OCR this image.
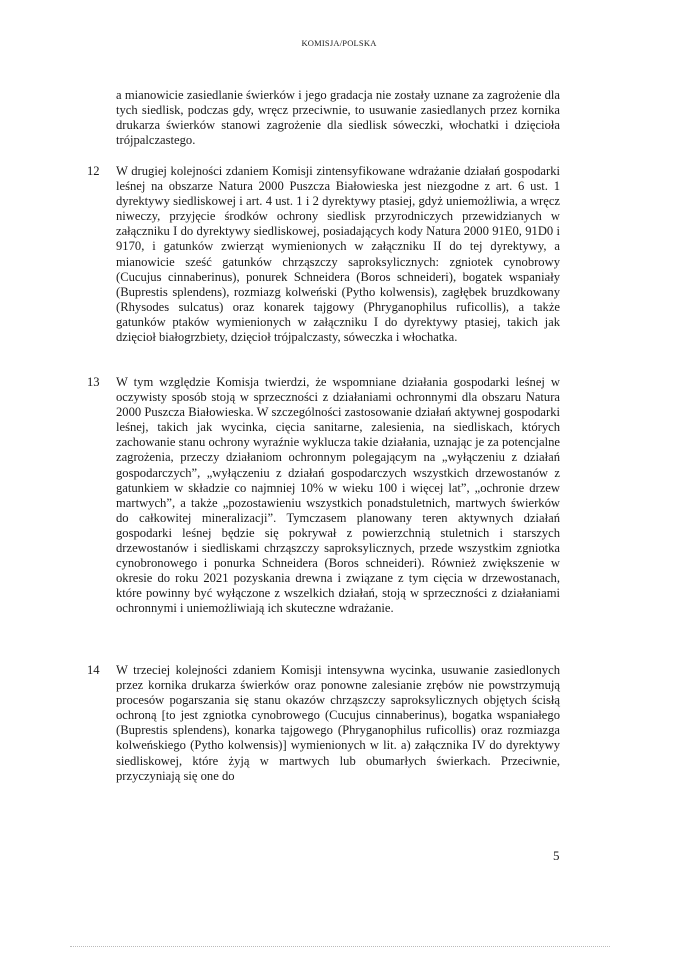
KOMISJA/POLSKA

a mianowicie zasiedlanie świerków i jego gradacja nie zostały uznane za zagrożenie dla tych siedlisk, podczas gdy, wręcz przeciwnie, to usuwanie zasiedlanych przez kornika drukarza świerków stanowi zagrożenie dla siedlisk sóweczki, włochatki i dzięcioła trójpalczastego.

12 W drugiej kolejności zdaniem Komisji zintensyfikowane wdrażanie działań gospodarki leśnej na obszarze Natura 2000 Puszcza Białowieska jest niezgodne z art. 6 ust. 1 dyrektywy siedliskowej i art. 4 ust. 1 i 2 dyrektywy ptasiej, gdyż uniemożliwia, a wręcz niweczy, przyjęcie środków ochrony siedlisk przyrodniczych przewidzianych w załączniku I do dyrektywy siedliskowej, posiadających kody Natura 2000 91E0, 91D0 i 9170, i gatunków zwierząt wymienionych w załączniku II do tej dyrektywy, a mianowicie sześć gatunków chrząszczy saproksylicznych: zgniotek cynobrowy (Cucujus cinnaberinus), ponurek Schneidera (Boros schneideri), bogatek wspaniały (Buprestis splendens), rozmiazg kolweński (Pytho kolwensis), zagłębek bruzdkowany (Rhysodes sulcatus) oraz konarek tajgowy (Phryganophilus ruficollis), a także gatunków ptaków wymienionych w załączniku I do dyrektywy ptasiej, takich jak dzięcioł białogrzbiety, dzięcioł trójpalczasty, sóweczka i włochatka.

13 W tym względzie Komisja twierdzi, że wspomniane działania gospodarki leśnej w oczywisty sposób stoją w sprzeczności z działaniami ochronnymi dla obszaru Natura 2000 Puszcza Białowieska. W szczególności zastosowanie działań aktywnej gospodarki leśnej, takich jak wycinka, cięcia sanitarne, zalesienia, na siedliskach, których zachowanie stanu ochrony wyraźnie wyklucza takie działania, uznając je za potencjalne zagrożenia, przeczy działaniom ochronnym polegającym na „wyłączeniu z działań gospodarczych”, „wyłączeniu z działań gospodarczych wszystkich drzewostanów z gatunkiem w składzie co najmniej 10% w wieku 100 i więcej lat”, „ochronie drzew martwych”, a także „pozostawieniu wszystkich ponadstuletnich, martwych świerków do całkowitej mineralizacji”. Tymczasem planowany teren aktywnych działań gospodarki leśnej będzie się pokrywał z powierzchnią stuletnich i starszych drzewostanów i siedliskami chrząszczy saproksylicznych, przede wszystkim zgniotka cynobronowego i ponurka Schneidera (Boros schneideri). Również zwiększenie w okresie do roku 2021 pozyskania drewna i związane z tym cięcia w drzewostanach, które powinny być wyłączone z wszelkich działań, stoją w sprzeczności z działaniami ochronnymi i uniemożliwiają ich skuteczne wdrażanie.

14 W trzeciej kolejności zdaniem Komisji intensywna wycinka, usuwanie zasiedlonych przez kornika drukarza świerków oraz ponowne zalesianie zrębów nie powstrzymują procesów pogarszania się stanu okazów chrząszczy saproksylicznych objętych ścisłą ochroną [to jest zgniotka cynobrowego (Cucujus cinnaberinus), bogatka wspaniałego (Buprestis splendens), konarka tajgowego (Phryganophilus ruficollis) oraz rozmiazga kolweńskiego (Pytho kolwensis)] wymienionych w lit. a) załącznika IV do dyrektywy siedliskowej, które żyją w martwych lub obumarłych świerkach. Przeciwnie, przyczyniają się one do

5
